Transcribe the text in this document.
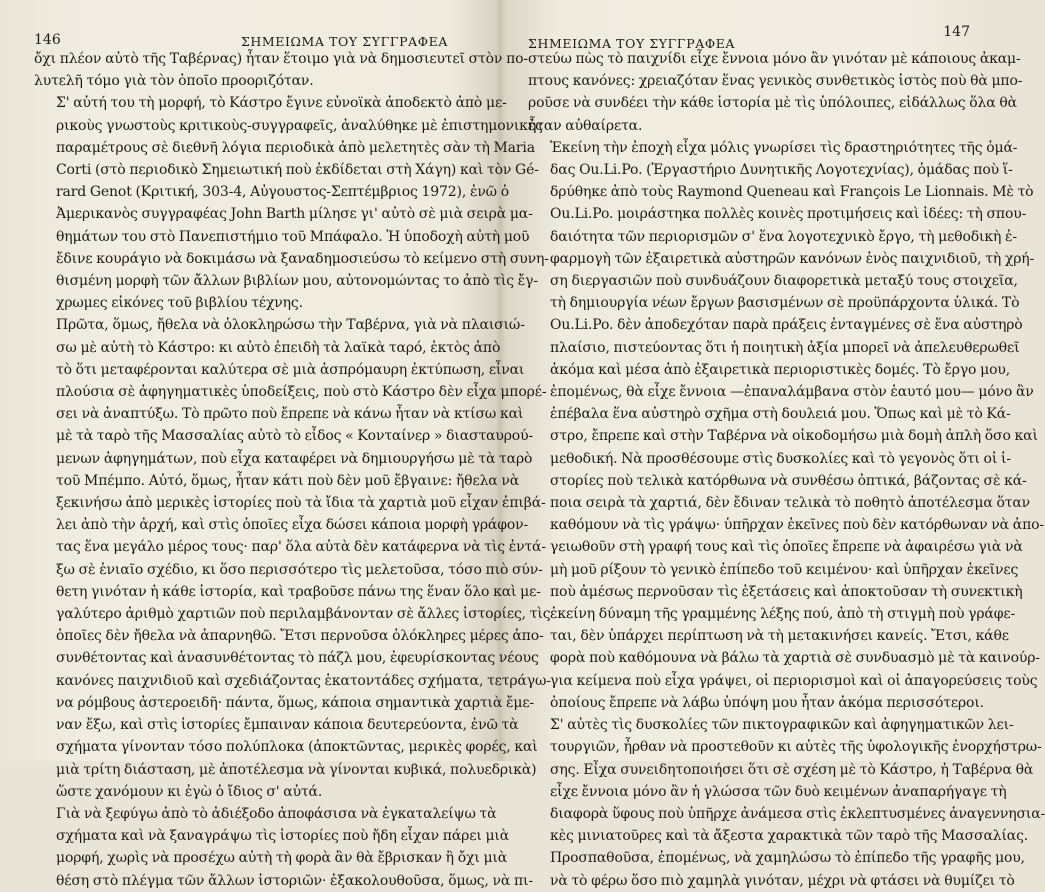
146	ΣΗΜΕΙΩΜΑ ΤΟΥ ΣΥΓΓΡΑΦΕΑ

ὄχι πλέον αὐτὸ τῆς Ταβέρνας) ἦταν ἕτοιμο γιὰ νὰ δημοσιευτεῖ στὸν πο-
λυτελῆ τόμο γιὰ τὸν ὁποῖο προοριζόταν.

Σ' αὐτή του τὴ μορφή, τὸ Κάστρο ἔγινε εὐνοϊκὰ ἀποδεκτὸ ἀπὸ με-
ρικοὺς γνωστοὺς κριτικοὺς-συγγραφεῖς, ἀναλύθηκε μὲ ἐπιστημονικὲς
παραμέτρους σὲ διεθνῆ λόγια περιοδικὰ ἀπὸ μελετητὲς σὰν τὴ Maria
Corti (στὸ περιοδικὸ Σημειωτική ποὺ ἐκδίδεται στὴ Χάγη) καὶ τὸν Gé-
rard Genot (Κριτική, 303-4, Αὐγουστος-Σεπτέμβριος 1972), ἐνῶ ὁ
Ἀμερικανὸς συγγραφέας John Barth μίλησε γι' αὐτὸ σὲ μιὰ σειρὰ μα-
θημάτων του στὸ Πανεπιστήμιο τοῦ Μπάφαλο. Ἡ ὑποδοχὴ αὐτὴ μοῦ
ἔδινε κουράγιο νὰ δοκιμάσω νὰ ξαναδημοσιεύσω τὸ κείμενο στὴ συνη-
θισμένη μορφὴ τῶν ἄλλων βιβλίων μου, αὐτονομώντας το ἀπὸ τὶς ἔγ-
χρωμες εἰκόνες τοῦ βιβλίου τέχνης.

Πρῶτα, ὅμως, ἤθελα νὰ ὁλοκληρώσω τὴν Ταβέρνα, γιὰ νὰ πλαισιώ-
σω μὲ αὐτὴ τὸ Κάστρο: κι αὐτὸ ἐπειδὴ τὰ λαϊκὰ ταρό, ἐκτὸς ἀπὸ
τὸ ὅτι μεταφέρονται καλύτερα σὲ μιὰ ἀσπρόμαυρη ἐκτύπωση, εἶναι
πλούσια σὲ ἀφηγηματικὲς ὑποδείξεις, ποὺ στὸ Κάστρο δὲν εἶχα μπορέ-
σει νὰ ἀναπτύξω. Τὸ πρῶτο ποὺ ἔπρεπε νὰ κάνω ἦταν νὰ κτίσω καὶ
μὲ τὰ ταρὸ τῆς Μασσαλίας αὐτὸ τὸ εἶδος « Κονταίνερ » διασταυρού-
μενων ἀφηγημάτων, ποὺ εἶχα καταφέρει νὰ δημιουργήσω μὲ τὰ ταρὸ
τοῦ Μπέμπο. Αὐτό, ὅμως, ἦταν κάτι ποὺ δὲν μοῦ ἔβγαινε: ἤθελα νὰ
ξεκινήσω ἀπὸ μερικὲς ἱστορίες ποὺ τὰ ἴδια τὰ χαρτιὰ μοῦ εἶχαν ἐπιβά-
λει ἀπὸ τὴν ἀρχή, καὶ στὶς ὁποῖες εἶχα δώσει κάποια μορφὴ γράφον-
τας ἕνα μεγάλο μέρος τους· παρ' ὅλα αὐτὰ δὲν κατάφερνα νὰ τὶς ἐντά-
ξω σὲ ἑνιαῖο σχέδιο, κι ὅσο περισσότερο τὶς μελετοῦσα, τόσο πιὸ σύν-
θετη γινόταν ἡ κάθε ἱστορία, καὶ τραβοῦσε πάνω της ἕναν ὅλο καὶ με-
γαλύτερο ἀριθμὸ χαρτιῶν ποὺ περιλαμβάνονταν σὲ ἄλλες ἱστορίες, τὶς
ὁποῖες δὲν ἤθελα νὰ ἀπαρνηθῶ. Ἔτσι περνοῦσα ὁλόκληρες μέρες ἀπο-
συνθέτοντας καὶ ἀνασυνθέτοντας τὸ πάζλ μου, ἐφευρίσκοντας νέους
κανόνες παιχνιδιοῦ καὶ σχεδιάζοντας ἑκατοντάδες σχήματα, τετράγω-
να ρόμβους ἀστεροειδῆ· πάντα, ὅμως, κάποια σημαντικὰ χαρτιὰ ἔμε-
ναν ἔξω, καὶ στὶς ἱστορίες ἔμπαιναν κάποια δευτερεύοντα, ἐνῶ τὰ
σχήματα γίνονταν τόσο πολύπλοκα (ἀποκτῶντας, μερικὲς φορές, καὶ
μιὰ τρίτη διάσταση, μὲ ἀποτέλεσμα νὰ γίνονται κυβικά, πολυεδρικὰ)
ὥστε χανόμουν κι ἐγὼ ὁ ἴδιος σ' αὐτά.

Γιὰ νὰ ξεφύγω ἀπὸ τὸ ἀδιέξοδο ἀποφάσισα νὰ ἐγκαταλείψω τὰ
σχήματα καὶ νὰ ξαναγράψω τὶς ἱστορίες ποὺ ἤδη εἶχαν πάρει μιὰ
μορφή, χωρὶς νὰ προσέχω αὐτὴ τὴ φορὰ ἂν θὰ ἔβρισκαν ἢ ὄχι μιὰ
θέση στὸ πλέγμα τῶν ἄλλων ἱστοριῶν· ἐξακολουθοῦσα, ὅμως, νὰ πι-

ΣΗΜΕΙΩΜΑ ΤΟΥ ΣΥΓΓΡΑΦΕΑ
147

στεύω πὼς τὸ παιχνίδι εἶχε ἔννοια μόνο ἂν γινόταν μὲ κάποιους ἀκαμ-
πτους κανόνες: χρειαζόταν ἕνας γενικὸς συνθετικὸς ἱστὸς ποὺ θὰ μπο-
ροῦσε νὰ συνδέει τὴν κάθε ἱστορία μὲ τὶς ὑπόλοιπες, εἰδάλλως ὅλα θὰ
ἦταν αὐθαίρετα.

Ἐκείνη τὴν ἐποχὴ εἶχα μόλις γνωρίσει τὶς δραστηριότητες τῆς ὁμά-
δας Ou.Li.Po. (Ἐργαστήριο Δυνητικῆς Λογοτεχνίας), ὁμάδας ποὺ ἵ-
δρύθηκε ἀπὸ τοὺς Raymond Queneau καὶ François Le Lionnais. Μὲ τὸ
Ou.Li.Po. μοιράστηκα πολλὲς κοινὲς προτιμήσεις καὶ ἰδέες: τὴ σπου-
δαιότητα τῶν περιορισμῶν σ' ἕνα λογοτεχνικὸ ἔργο, τὴ μεθοδικὴ ἐ-
φαρμογὴ τῶν ἐξαιρετικὰ αὐστηρῶν κανόνων ἑνὸς παιχνιδιοῦ, τὴ χρή-
ση διεργασιῶν ποὺ συνδυάζουν διαφορετικὰ μεταξύ τους στοιχεῖα,
τὴ δημιουργία νέων ἔργων βασισμένων σὲ προϋπάρχοντα ὑλικά. Τὸ
Ou.Li.Po. δὲν ἀποδεχόταν παρὰ πράξεις ἐνταγμένες σὲ ἕνα αὐστηρὸ
πλαίσιο, πιστεύοντας ὅτι ἡ ποιητικὴ ἀξία μπορεῖ νὰ ἀπελευθερωθεῖ
ἀκόμα καὶ μέσα ἀπὸ ἐξαιρετικὰ περιοριστικὲς δομές. Τὸ ἔργο μου,
ἐπομένως, θὰ εἶχε ἔννοια —ἐπαναλάμβανα στὸν ἑαυτό μου— μόνο ἂν
ἐπέβαλα ἕνα αὐστηρὸ σχῆμα στὴ δουλειά μου. Ὅπως καὶ μὲ τὸ Κά-
στρο, ἔπρεπε καὶ στὴν Ταβέρνα νὰ οἰκοδομήσω μιὰ δομὴ ἁπλὴ ὅσο καὶ
μεθοδική. Νὰ προσθέσουμε στὶς δυσκολίες καὶ τὸ γεγονὸς ὅτι οἱ ἱ-
στορίες ποὺ τελικὰ κατόρθωνα νὰ συνθέσω ὀπτικά, βάζοντας σὲ κά-
ποια σειρὰ τὰ χαρτιά, δὲν ἔδιναν τελικὰ τὸ ποθητὸ ἀποτέλεσμα ὅταν
καθόμουν νὰ τὶς γράψω· ὑπῆρχαν ἐκεῖνες ποὺ δὲν κατόρθωναν νὰ ἀπο-
γειωθοῦν στὴ γραφή τους καὶ τὶς ὁποῖες ἔπρεπε νὰ ἀφαιρέσω γιὰ νὰ
μὴ μοῦ ρίξουν τὸ γενικὸ ἐπίπεδο τοῦ κειμένου· καὶ ὑπῆρχαν ἐκεῖνες
ποὺ ἀμέσως περνοῦσαν τὶς ἐξετάσεις καὶ ἀποκτοῦσαν τὴ συνεκτικὴ
ἐκείνη δύναμη τῆς γραμμένης λέξης πού, ἀπὸ τὴ στιγμὴ ποὺ γράφε-
ται, δὲν ὑπάρχει περίπτωση νὰ τὴ μετακινήσει κανείς. Ἔτσι, κάθε
φορὰ ποὺ καθόμουνα νὰ βάλω τὰ χαρτιὰ σὲ συνδυασμὸ μὲ τὰ καινούρ-
για κείμενα ποὺ εἶχα γράψει, οἱ περιορισμοὶ καὶ οἱ ἀπαγορεύσεις τοὺς
ὁποίους ἔπρεπε νὰ λάβω ὑπόψη μου ἦταν ἀκόμα περισσότεροι.

Σ' αὐτὲς τὶς δυσκολίες τῶν πικτογραφικῶν καὶ ἀφηγηματικῶν λει-
τουργιῶν, ἦρθαν νὰ προστεθοῦν κι αὐτὲς τῆς ὑφολογικῆς ἐνορχήστρω-
σης. Εἶχα συνειδητοποιήσει ὅτι σὲ σχέση μὲ τὸ Κάστρο, ἡ Ταβέρνα θὰ
εἶχε ἔννοια μόνο ἂν ἡ γλώσσα τῶν δυὸ κειμένων ἀναπαρήγαγε τὴ
διαφορὰ ὕφους ποὺ ὑπῆρχε ἀνάμεσα στὶς ἐκλεπτυσμένες ἀναγεννησια-
κὲς μινιατοῦρες καὶ τὰ ἄξεστα χαρακτικὰ τῶν ταρὸ τῆς Μασσαλίας.
Προσπαθοῦσα, ἐπομένως, νὰ χαμηλώσω τὸ ἐπίπεδο τῆς γραφῆς μου,
νὰ τὸ φέρω ὅσο πιὸ χαμηλὰ γινόταν, μέχρι νὰ φτάσει νὰ θυμίζει τὸ
